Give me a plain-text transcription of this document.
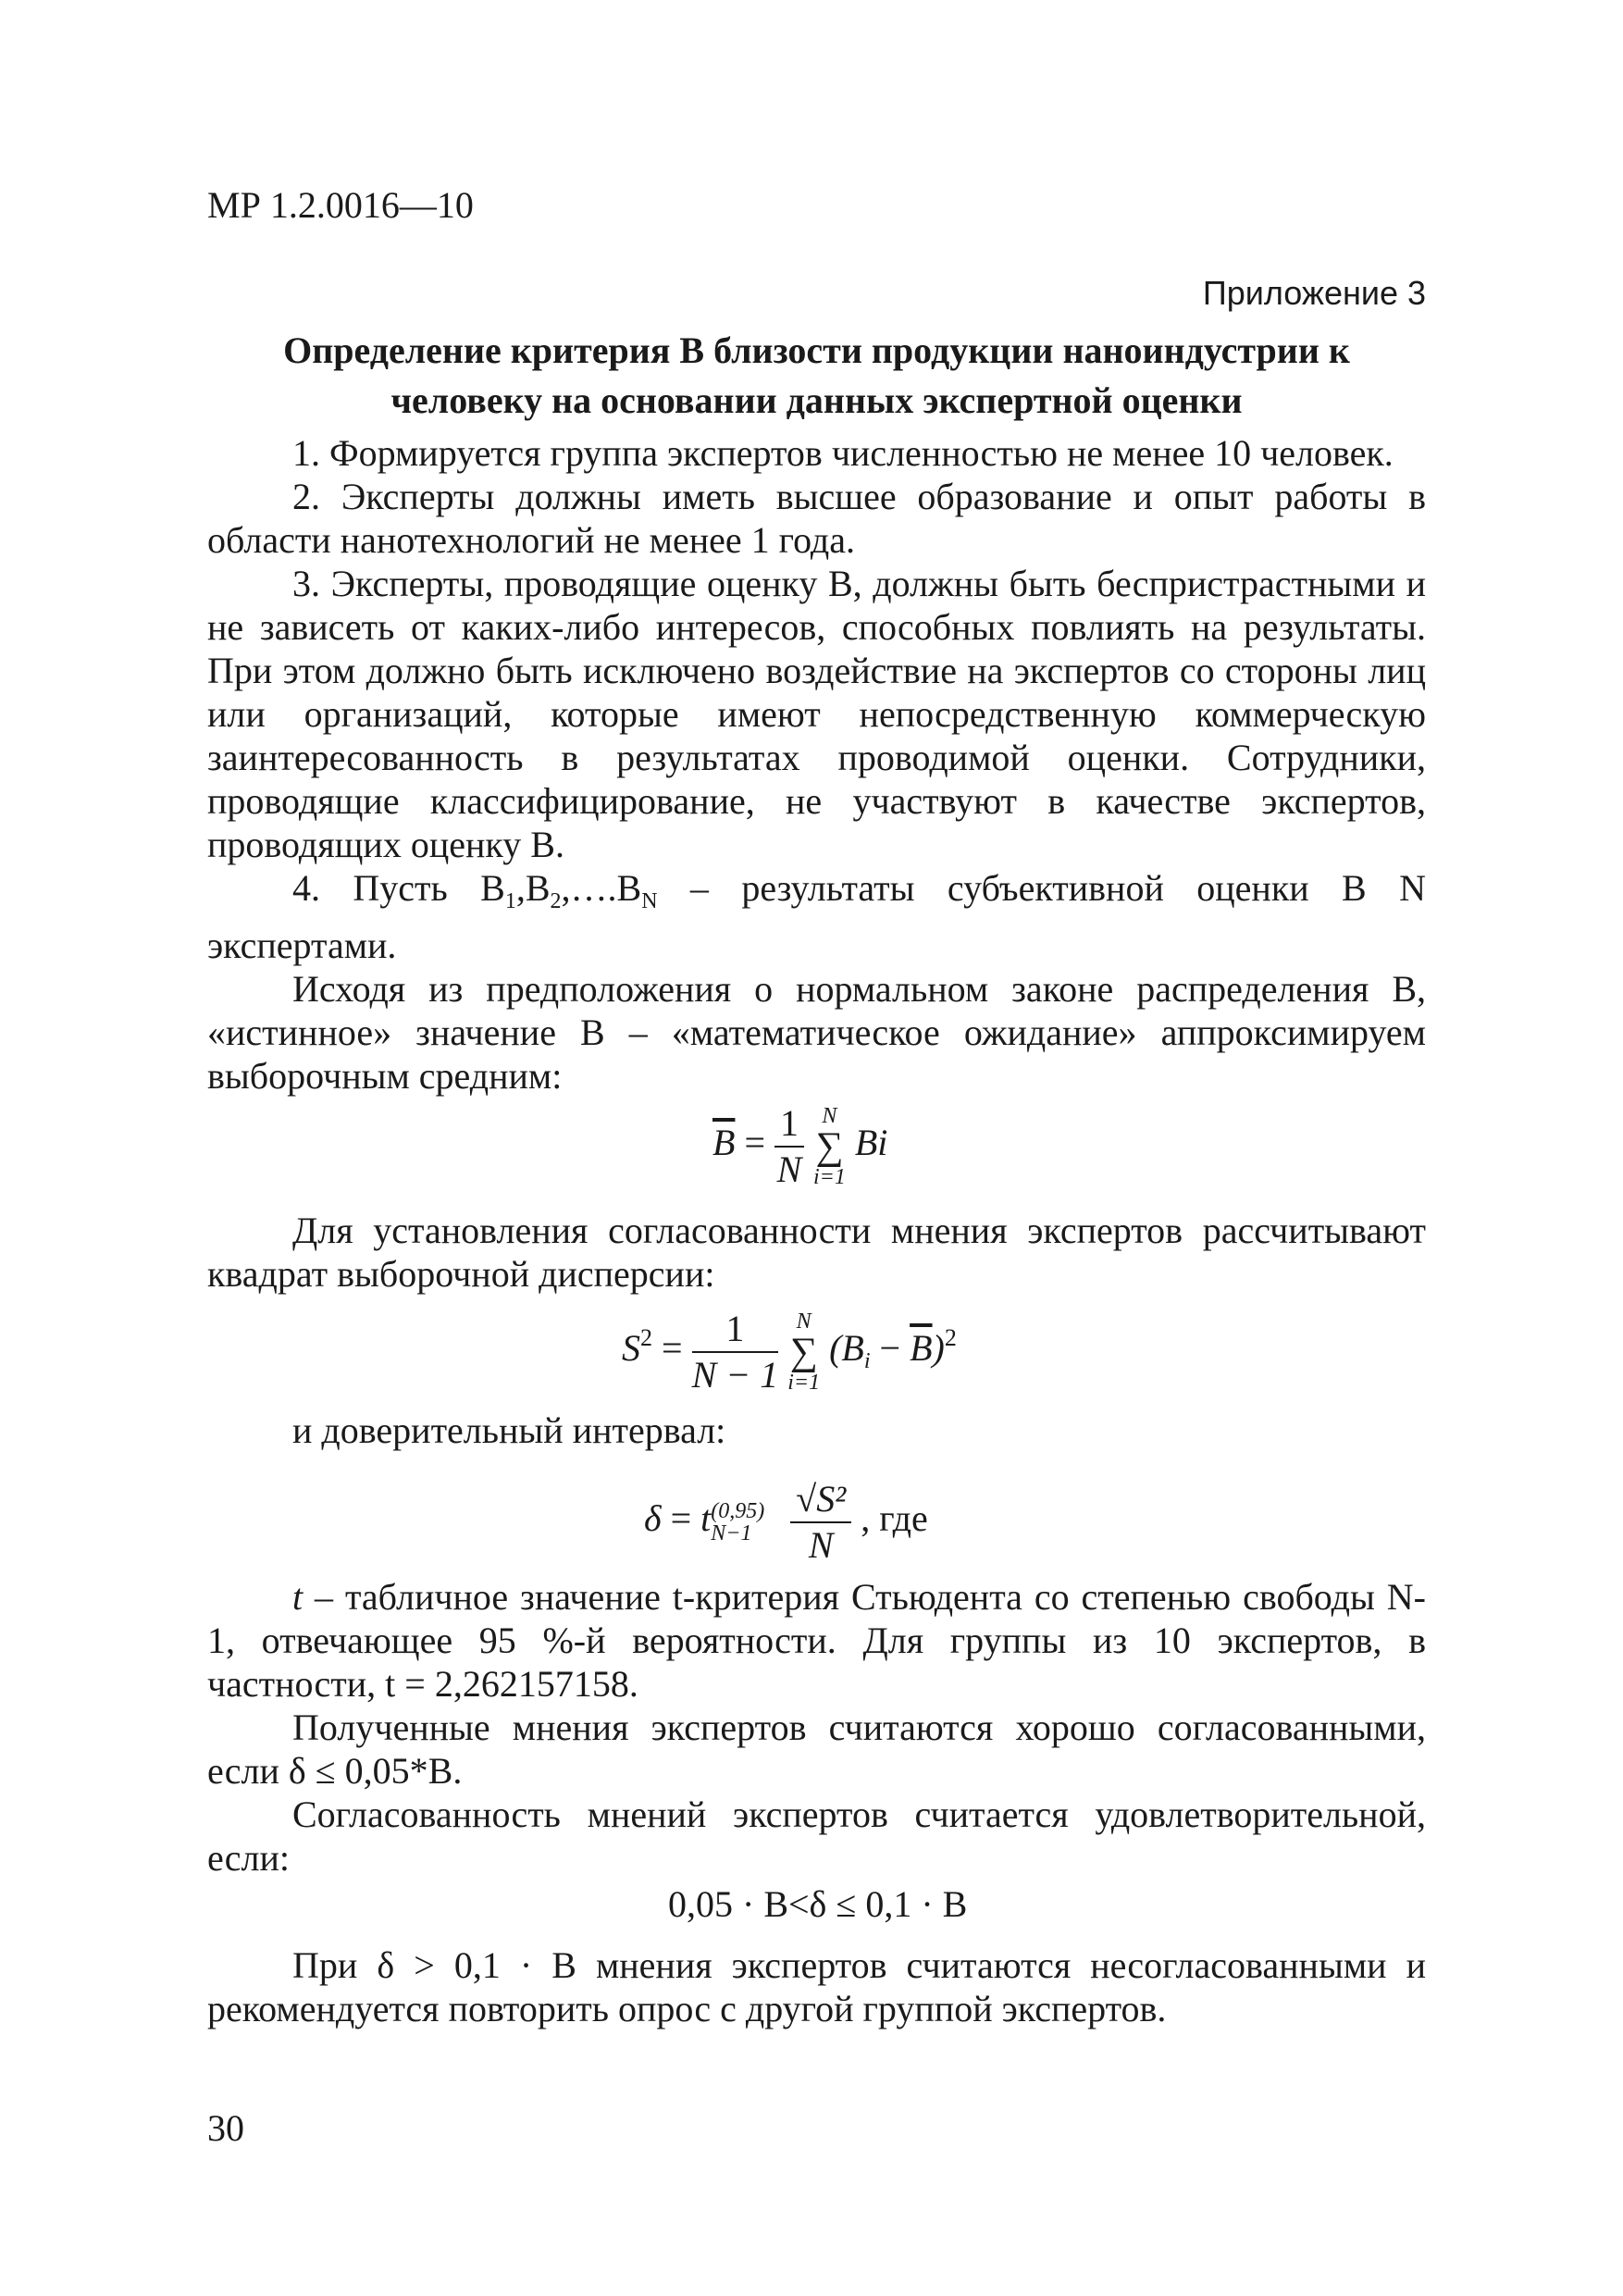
МР 1.2.0016—10
Приложение 3
Определение критерия В близости продукции наноиндустрии к
человеку на основании данных экспертной оценки

1. Формируется группа экспертов численностью не менее 10 человек.

2. Эксперты должны иметь высшее образование и опыт работы в области нанотехнологий не менее 1 года.

3. Эксперты, проводящие оценку В, должны быть беспристрастными и не зависеть от каких-либо интересов, способных повлиять на результаты. При этом должно быть исключено воздействие на экспертов со стороны лиц или организаций, которые имеют непосредственную коммерческую заинтересованность в результатах проводимой оценки. Сотрудники, проводящие классифицирование, не участвуют в качестве экспертов, проводящих оценку В.

4. Пусть $В_1,В_2,\dots.В_N$ – результаты субъективной оценки В N экспертами.

Исходя из предположения о нормальном законе распределения В, «истинное» значение В – «математическое ожидание» аппроксимируем выборочным средним:

$\overline{B} = \frac{1}{N}$
N
∑
i=1
Bi

Для установления согласованности мнения экспертов рассчитывают квадрат выборочной дисперсии:

$S^2 = \frac{1}{N - 1}$
N
∑
i=1
$(B_i - \overline{B})^2$

и доверительный интервал:

δ = t (0,95)
N−1
	$\frac{\text{√S²}}{N}$ , где

t – табличное значение t-критерия Стьюдента со степенью свободы N-1, отвечающее 95 %-й вероятности. Для группы из 10 экспертов, в частности, t = 2,262157158.

Полученные мнения экспертов считаются хорошо согласованными, если δ ≤ 0,05*В.

Согласованность мнений экспертов считается удовлетворительной, если:

0,05 · В<δ ≤ 0,1 · В

При δ > 0,1 · В мнения экспертов считаются несогласованными и рекомендуется повторить опрос с другой группой экспертов.

30
